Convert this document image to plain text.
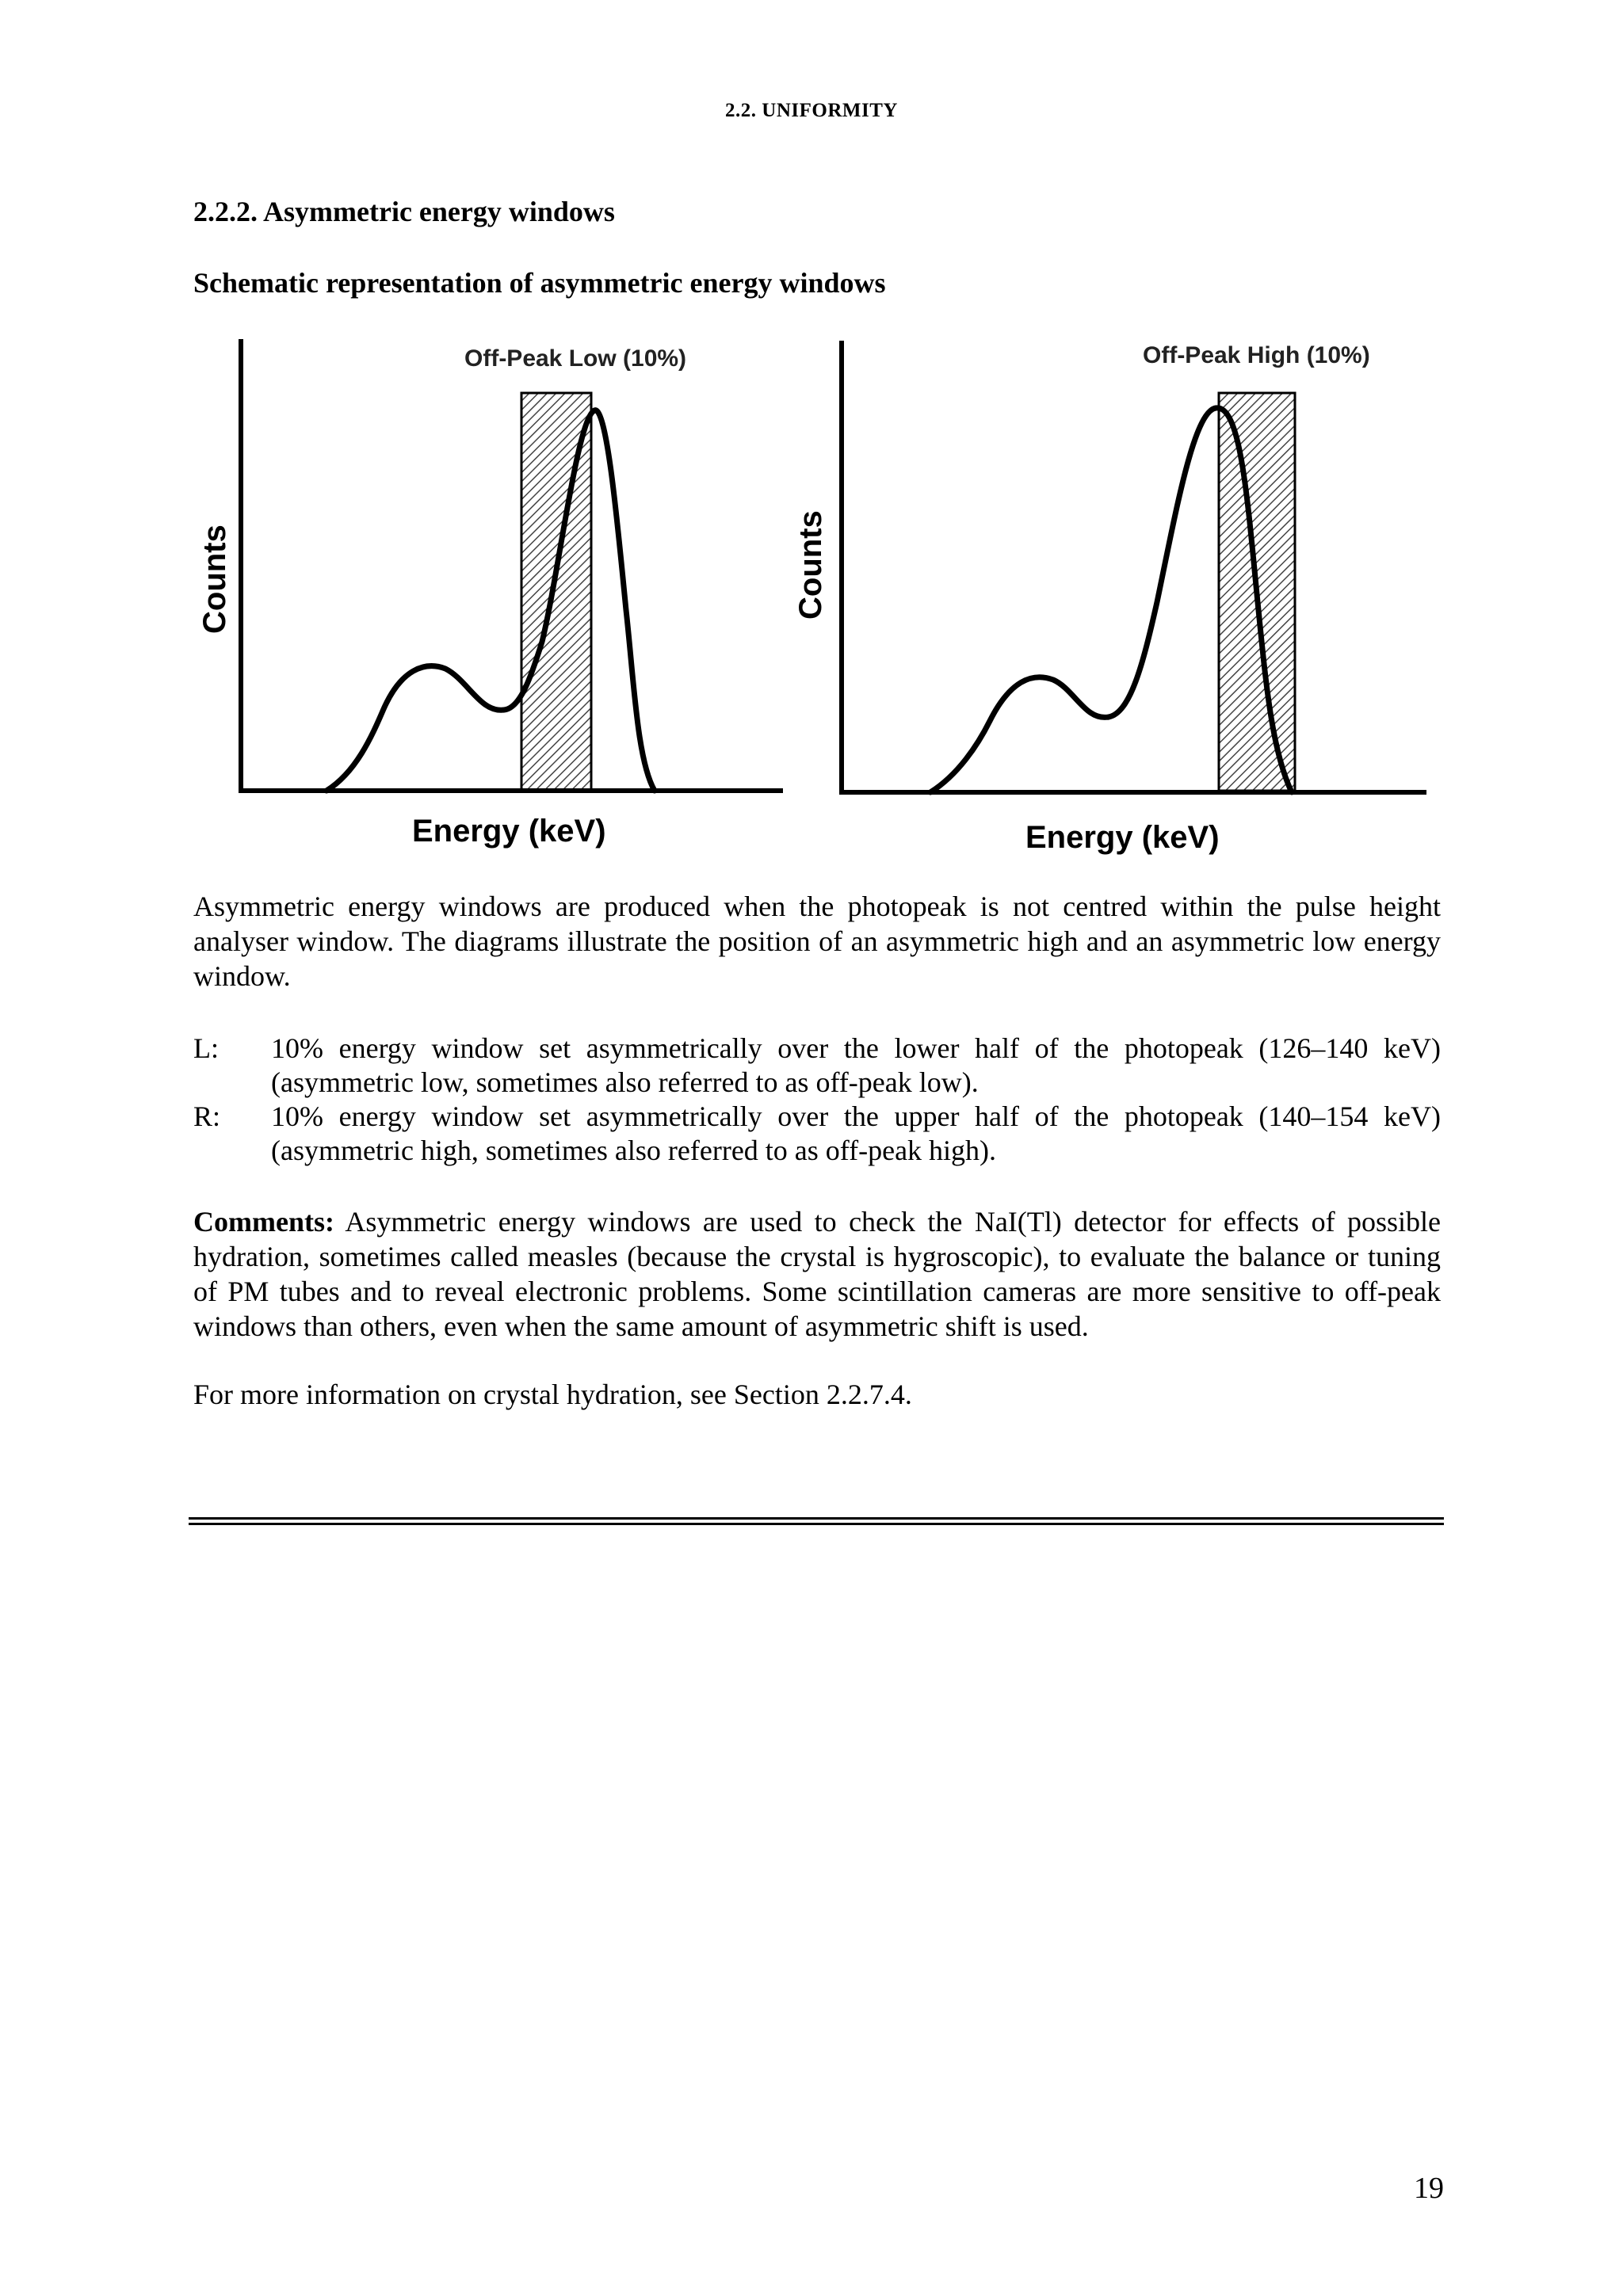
2.2. UNIFORMITY
2.2.2. Asymmetric energy windows
Schematic representation of asymmetric energy windows
Off-Peak Low (10%)
Counts
Energy (keV)
Off-Peak High (10%)
Counts
Energy (keV)
Asymmetric energy windows are produced when the photopeak is not centred within the pulse height analyser window. The diagrams illustrate the position of an asymmetric high and an asymmetric low energy window.
L:	10% energy window set asymmetrically over the lower half of the photopeak (126–140 keV) (asymmetric low, sometimes also referred to as off-peak low).
R:	10% energy window set asymmetrically over the upper half of the photopeak (140–154 keV) (asymmetric high, sometimes also referred to as off-peak high).
Comments: Asymmetric energy windows are used to check the NaI(Tl) detector for effects of possible hydration, sometimes called measles (because the crystal is hygroscopic), to evaluate the balance or tuning of PM tubes and to reveal electronic problems. Some scintillation cameras are more sensitive to off-peak windows than others, even when the same amount of asymmetric shift is used.
For more information on crystal hydration, see Section 2.2.7.4.
19
